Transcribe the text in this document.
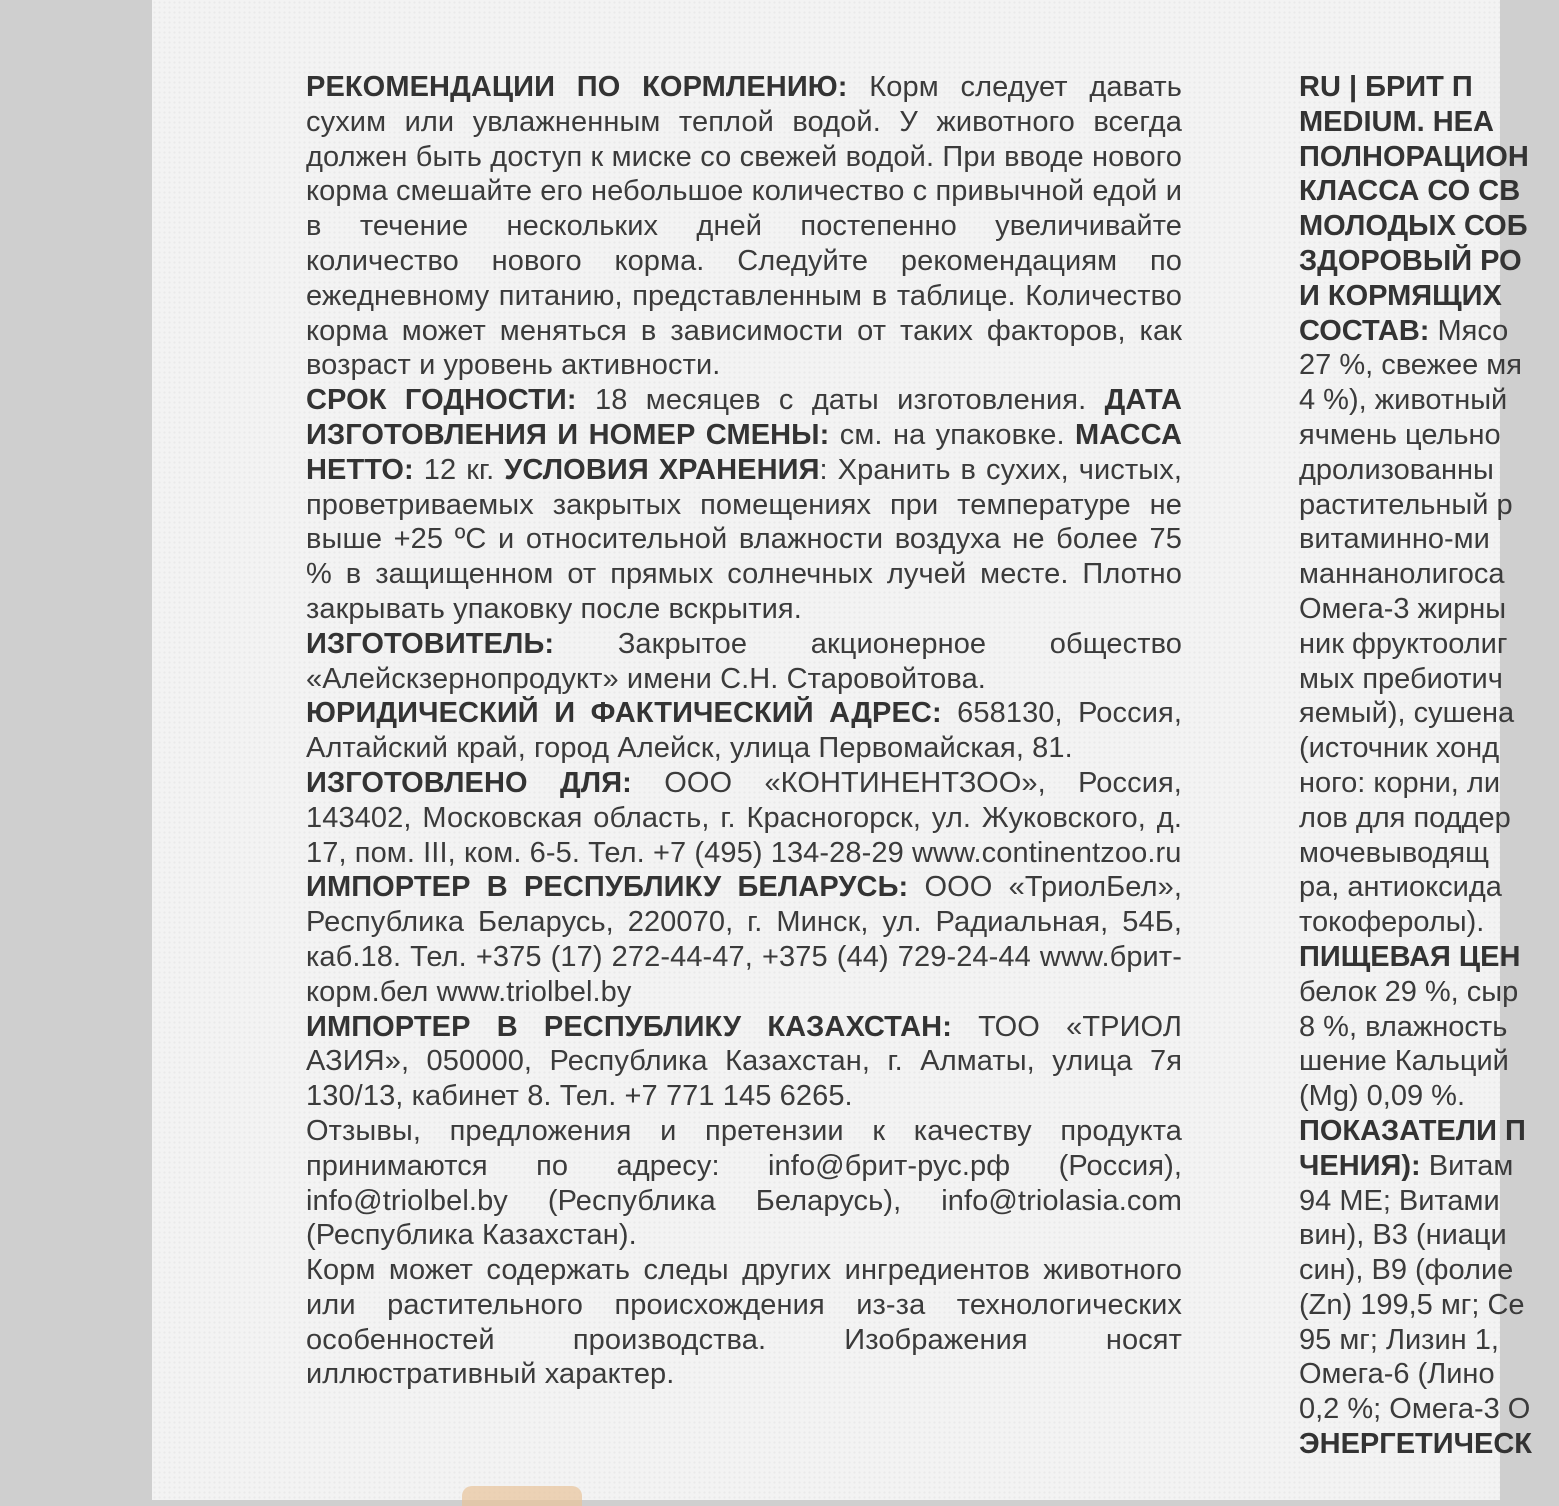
РЕКОМЕНДАЦИИ ПО КОРМЛЕНИЮ: Корм следует давать сухим или увлажненным теплой водой. У животного всегда должен быть доступ к миске со свежей водой. При вводе нового корма смешайте его небольшое количество с привычной едой и в течение нескольких дней постепенно увеличивайте количество нового корма. Следуйте рекомендациям по ежедневному питанию, представленным в таблице. Количество корма может меняться в зависимости от таких факторов, как возраст и уровень активности.

СРОК ГОДНОСТИ: 18 месяцев с даты изготовления. ДАТА ИЗГОТОВЛЕНИЯ И НОМЕР СМЕНЫ: см. на упаковке. МАССА НЕТТО: 12 кг. УСЛОВИЯ ХРАНЕНИЯ: Хранить в сухих, чистых, проветриваемых закрытых помещениях при температуре не выше +25 ºС и относительной влажности воздуха не более 75 % в защищенном от прямых солнечных лучей месте. Плотно закрывать упаковку после вскрытия.

ИЗГОТОВИТЕЛЬ: Закрытое акционерное общество «Алейскзернопродукт» имени С.Н. Старовойтова.

ЮРИДИЧЕСКИЙ И ФАКТИЧЕСКИЙ АДРЕС: 658130, Россия, Алтайский край, город Алейск, улица Первомайская, 81.

ИЗГОТОВЛЕНО ДЛЯ: ООО «КОНТИНЕНТЗОО», Россия, 143402, Московская область, г. Красногорск, ул. Жуковского, д. 17, пом. III, ком. 6-5. Тел. +7 (495) 134-28-29 www.continentzoo.ru

ИМПОРТЕР В РЕСПУБЛИКУ БЕЛАРУСЬ: ООО «ТриолБел», Республика Беларусь, 220070, г. Минск, ул. Радиальная, 54Б, каб.18. Тел. +375 (17) 272-44-47, +375 (44) 729-24-44 www.брит-корм.бел www.triolbel.by

ИМПОРТЕР В РЕСПУБЛИКУ КАЗАХСТАН: ТОО «ТРИОЛ АЗИЯ», 050000, Республика Казахстан, г. Алматы, улица 7я 130/13, кабинет 8. Тел. +7 771 145 6265.

Отзывы, предложения и претензии к качеству продукта принимаются по адресу: info@брит-рус.рф (Россия), info@triolbel.by (Республика Беларусь), info@triolasia.com (Республика Казахстан).

Корм может содержать следы других ингредиентов животного или растительного происхождения из-за технологических особенностей производства. Изображения носят иллюстративный характер.

RU | БРИТ П
MEDIUM. НЕА
ПОЛНОРАЦИОН
КЛАССА СО СВ
МОЛОДЫХ СОБ
ЗДОРОВЫЙ РО
И КОРМЯЩИХ
СОСТАВ: Мясо
27 %, свежее мя
4 %), животный
ячмень цельно
дролизованны
растительный р
витаминно-ми
маннанолигоса
Омега-3 жирны
ник фруктоолиг
мых пребиотич
яемый), сушена
(источник хонд
ного: корни, ли
лов для поддер
мочевыводящ
ра, антиоксида
токоферолы).
ПИЩЕВАЯ ЦЕН
белок 29 %, сыр
8 %, влажность
шение Кальций
(Mg) 0,09 %.
ПОКАЗАТЕЛИ П
ЧЕНИЯ): Витам
94 МЕ; Витами
вин), В3 (ниаци
син), В9 (фолие
(Zn) 199,5 мг; Се
95 мг; Лизин 1,
Омега-6 (Лино
0,2 %; Омега-3 О
ЭНЕРГЕТИЧЕСК
